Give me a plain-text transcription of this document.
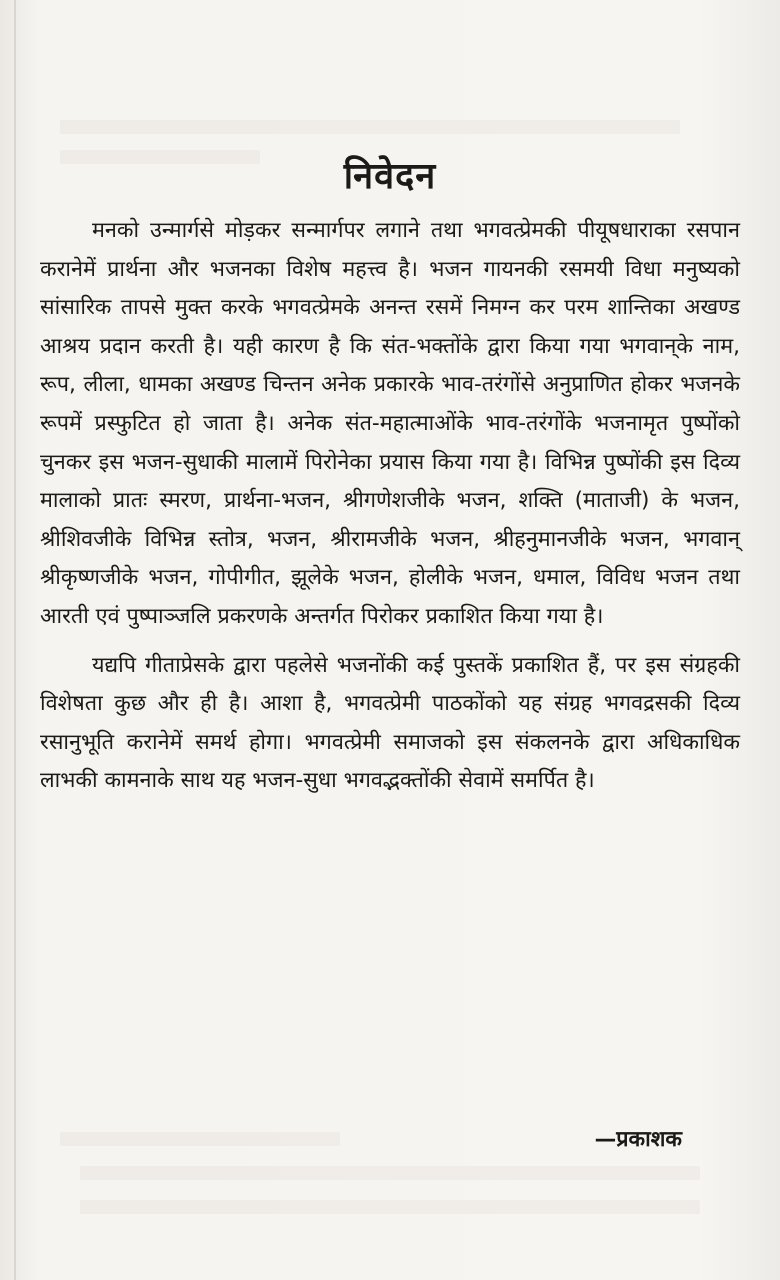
निवेदन

मनको उन्मार्गसे मोड़कर सन्मार्गपर लगाने तथा भगवत्प्रेमकी पीयूषधाराका रसपान करानेमें प्रार्थना और भजनका विशेष महत्त्व है। भजन गायनकी रसमयी विधा मनुष्यको सांसारिक तापसे मुक्त करके भगवत्प्रेमके अनन्त रसमें निमग्न कर परम शान्तिका अखण्ड आश्रय प्रदान करती है। यही कारण है कि संत-भक्तोंके द्वारा किया गया भगवान्‌के नाम, रूप, लीला, धामका अखण्ड चिन्तन अनेक प्रकारके भाव-तरंगोंसे अनुप्राणित होकर भजनके रूपमें प्रस्फुटित हो जाता है। अनेक संत-महात्माओंके भाव-तरंगोंके भजनामृत पुष्पोंको चुनकर इस भजन-सुधाकी मालामें पिरोनेका प्रयास किया गया है। विभिन्न पुष्पोंकी इस दिव्य मालाको प्रातः स्मरण, प्रार्थना-भजन, श्रीगणेशजीके भजन, शक्ति (माताजी) के भजन, श्रीशिवजीके विभिन्न स्तोत्र, भजन, श्रीरामजीके भजन, श्रीहनुमानजीके भजन, भगवान् श्रीकृष्णजीके भजन, गोपीगीत, झूलेके भजन, होलीके भजन, धमाल, विविध भजन तथा आरती एवं पुष्पाञ्जलि प्रकरणके अन्तर्गत पिरोकर प्रकाशित किया गया है।

यद्यपि गीताप्रेसके द्वारा पहलेसे भजनोंकी कई पुस्तकें प्रकाशित हैं, पर इस संग्रहकी विशेषता कुछ और ही है। आशा है, भगवत्प्रेमी पाठकोंको यह संग्रह भगवद्रसकी दिव्य रसानुभूति करानेमें समर्थ होगा। भगवत्प्रेमी समाजको इस संकलनके द्वारा अधिकाधिक लाभकी कामनाके साथ यह भजन-सुधा भगवद्भक्तोंकी सेवामें समर्पित है।

—प्रकाशक
